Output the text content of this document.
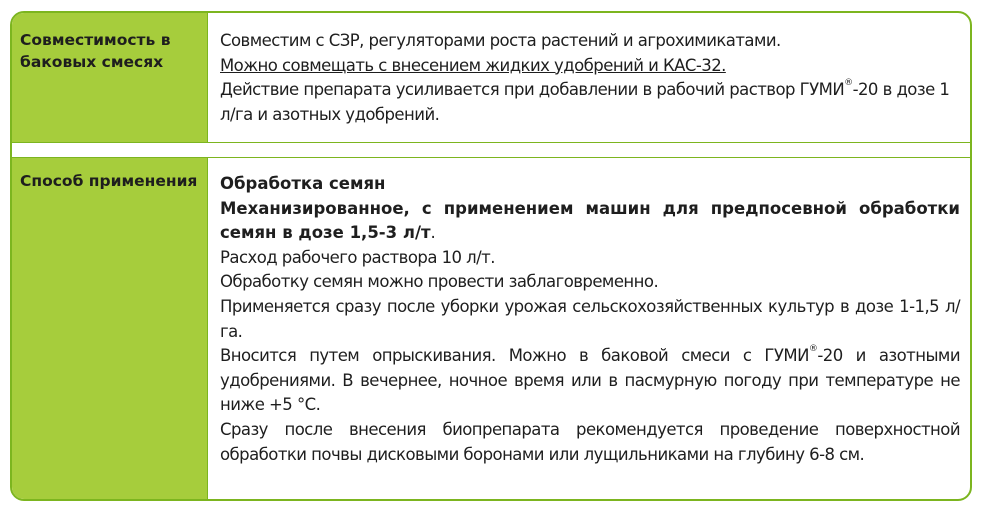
Совместимость в баковых смесях

Совместим с СЗР, регуляторами роста растений и агрохимикатами.

Можно совмещать с внесением жидких удобрений и КАС-32.

Действие препарата усиливается при добавлении в рабочий раствор ГУМИ®-20 в дозе 1 л/га и азотных удобрений.

Способ применения Обработка семян

Механизированное, с применением машин для предпосевной обработки семян в дозе 1,5-3 л/т.

Расход рабочего раствора 10 л/т.

Обработку семян можно провести заблаговременно.

Применяется сразу после уборки урожая сельскохозяйственных культур в дозе 1-1,5 л/га.

Вносится путем опрыскивания. Можно в баковой смеси с ГУМИ®-20 и азотными удобрениями. В вечернее, ночное время или в пасмурную погоду при температуре не ниже +5 °C.

Сразу после внесения биопрепарата рекомендуется проведение поверхностной обработки почвы дисковыми боронами или лущильниками на глубину 6-8 см.
